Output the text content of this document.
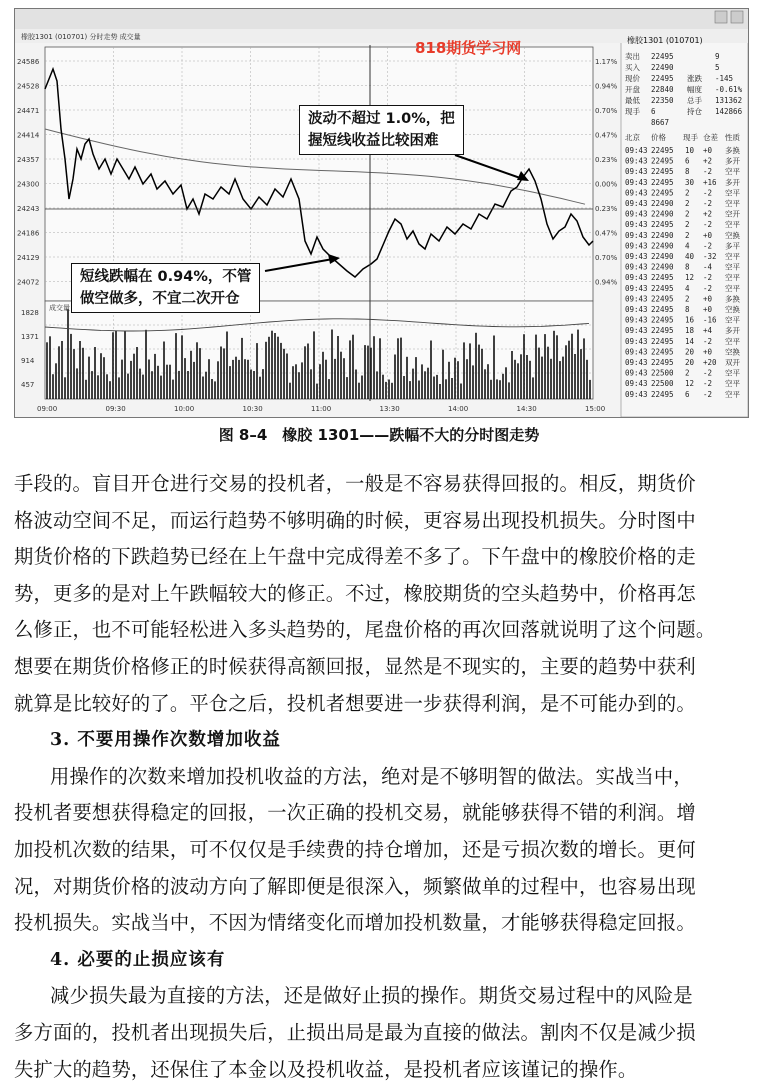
24586
24528
24471
24414
24357
24300
24243
24186
24129
24072
1.17%
0.94%
0.70%
0.47%
0.23%
0.00%
0.23%
0.47%
0.70%
0.94%
1828
1371
914
457
09:00	09:30	10:00	10:30	11:00	13:30	14:00	14:30	15:00
成交量
卖出 22495	9
买入 22490	5
现价 22495 涨跌 -145
开盘 22840 幅度 -0.61%
最低 22350 总手 131362
现手 6	持仓 142866
8667
北京 价格 现手 仓差 性质
09:43 22495 10 +0 多换
09:43 22495 6 +2 多开
09:43 22495 8 -2 空平
09:43 22495 30 +16 多开
09:43 22495 2 -2 空平
09:43 22490 2 -2 空平
09:43 22490 2 +2 空开
09:43 22495 2 -2 空平
09:43 22490 2 +0 空换
09:43 22490 4 -2 多平
09:43 22490 40 -32 空平
09:43 22490 8 -4 空平
09:43 22495 12 -2 空平
09:43 22495 4 -2 空平
09:43 22495 2 +0 多换
09:43 22495 8 +0 空换
09:43 22495 16 -16 空平
09:43 22495 18 +4 多开
09:43 22495 14 -2 空平
09:43 22495 20 +0 空换
09:43 22495 20 +20 双开
09:43 22500 2 -2 空平
09:43 22500 12 -2 空平
09:43 22495 6 -2 空平
橡胶1301 (010701) 分时走势 成交量	橡胶1301 (010701)
818期货学习网
波动不超过 1.0%，把
握短线收益比较困难
短线跌幅在 0.94%，不管
做空做多，不宜二次开仓
图 8–4　橡胶 1301——跌幅不大的分时图走势

手段的。盲目开仓进行交易的投机者，一般是不容易获得回报的。相反，期货价

格波动空间不足，而运行趋势不够明确的时候，更容易出现投机损失。分时图中

期货价格的下跌趋势已经在上午盘中完成得差不多了。下午盘中的橡胶价格的走

势，更多的是对上午跌幅较大的修正。不过，橡胶期货的空头趋势中，价格再怎

么修正，也不可能轻松进入多头趋势的，尾盘价格的再次回落就说明了这个问题。

想要在期货价格修正的时候获得高额回报，显然是不现实的，主要的趋势中获利

就算是比较好的了。平仓之后，投机者想要进一步获得利润，是不可能办到的。

3. 不要用操作次数增加收益

用操作的次数来增加投机收益的方法，绝对是不够明智的做法。实战当中，

投机者要想获得稳定的回报，一次正确的投机交易，就能够获得不错的利润。增

加投机次数的结果，可不仅仅是手续费的持仓增加，还是亏损次数的增长。更何

况，对期货价格的波动方向了解即便是很深入，频繁做单的过程中，也容易出现

投机损失。实战当中，不因为情绪变化而增加投机数量，才能够获得稳定回报。

4. 必要的止损应该有

减少损失最为直接的方法，还是做好止损的操作。期货交易过程中的风险是

多方面的，投机者出现损失后，止损出局是最为直接的做法。割肉不仅是减少损

失扩大的趋势，还保住了本金以及投机收益，是投机者应该谨记的操作。
